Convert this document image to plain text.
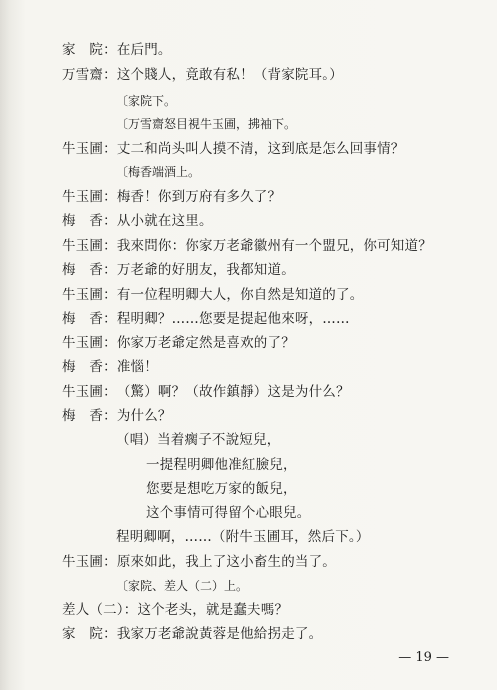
家　院：在后門。
万雪齋：这个賤人，竟敢有私！（背家院耳。）
〔家院下。
〔万雪齋怒目視牛玉圃，拂袖下。
牛玉圃：丈二和尚头叫人摸不清，这到底是怎么回事情？
〔梅香端酒上。
牛玉圃：梅香！你到万府有多久了？
梅　香：从小就在这里。
牛玉圃：我來問你：你家万老爺徽州有一个盟兄，你可知道？
梅　香：万老爺的好朋友，我都知道。
牛玉圃：有一位程明卿大人，你自然是知道的了。
梅　香：程明卿？……您要是提起他來呀，……
牛玉圃：你家万老爺定然是喜欢的了？
梅　香：准惱！
牛玉圃：（驚）啊？（故作鎮靜）这是为什么？
梅　香：为什么？
（唱）当着瘸子不說短兒，
一提程明卿他准紅臉兒，
您要是想吃万家的飯兒，
这个事情可得留个心眼兒。
程明卿啊，……（附牛玉圃耳，然后下。）
牛玉圃：原來如此，我上了这小畜生的当了。
〔家院、差人（二）上。
差人（二）：这个老头，就是蠢夫嗎？
家　院：我家万老爺說黃蓉是他給拐走了。
— 19 —
